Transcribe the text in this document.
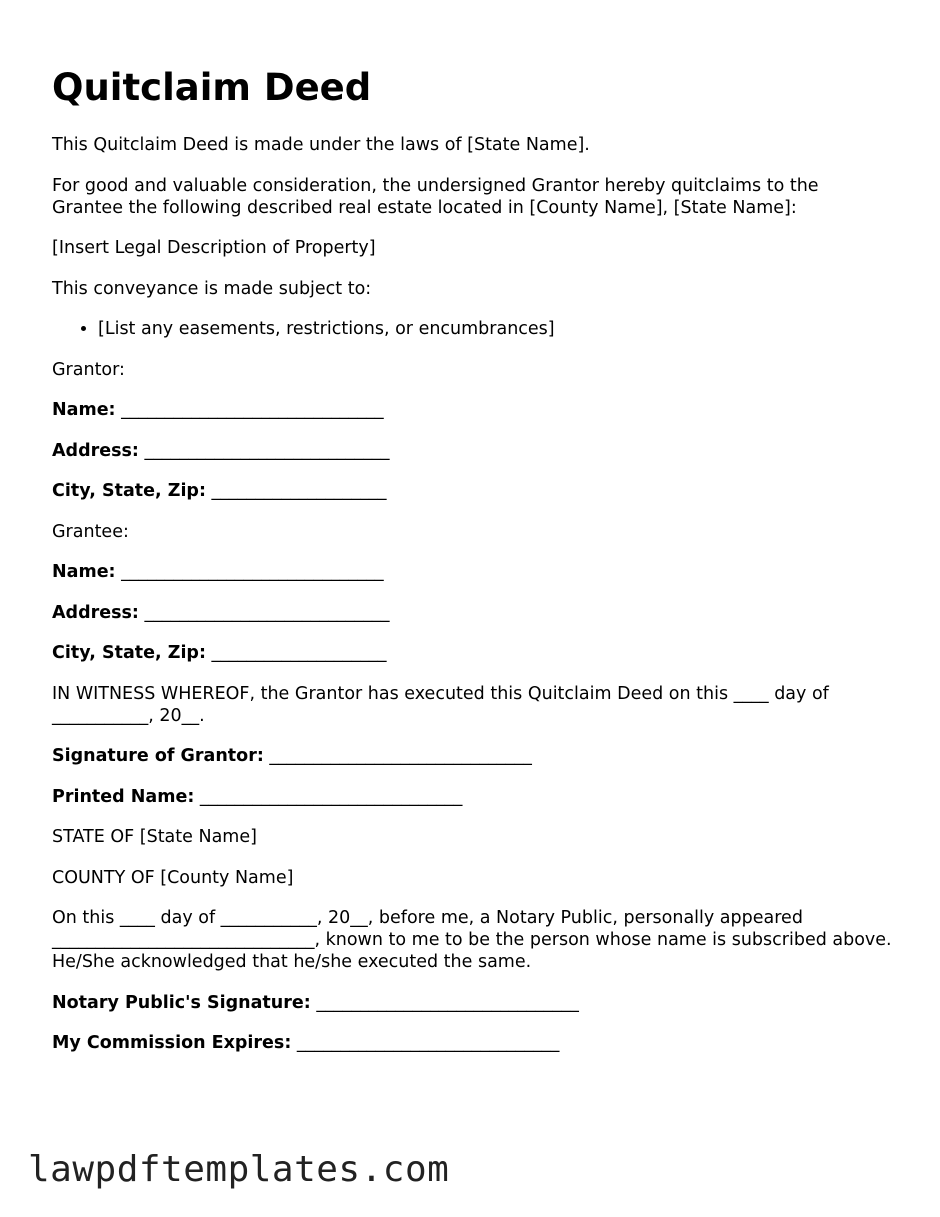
Quitclaim Deed

This Quitclaim Deed is made under the laws of [State Name].

For good and valuable consideration, the undersigned Grantor hereby quitclaims to the Grantee the following described real estate located in [County Name], [State Name]:

[Insert Legal Description of Property]

This conveyance is made subject to:

• [List any easements, restrictions, or encumbrances]

Grantor:

Name: ______________________________

Address: ____________________________

City, State, Zip: ____________________

Grantee:

Name: ______________________________

Address: ____________________________

City, State, Zip: ____________________

IN WITNESS WHEREOF, the Grantor has executed this Quitclaim Deed on this ____ day of ___________, 20__.

Signature of Grantor: ______________________________

Printed Name: ______________________________

STATE OF [State Name]

COUNTY OF [County Name]

On this ____ day of ___________, 20__, before me, a Notary Public, personally appeared ______________________________, known to me to be the person whose name is subscribed above. He/She acknowledged that he/she executed the same.

Notary Public's Signature: ______________________________

My Commission Expires: ______________________________

lawpdftemplates.com
